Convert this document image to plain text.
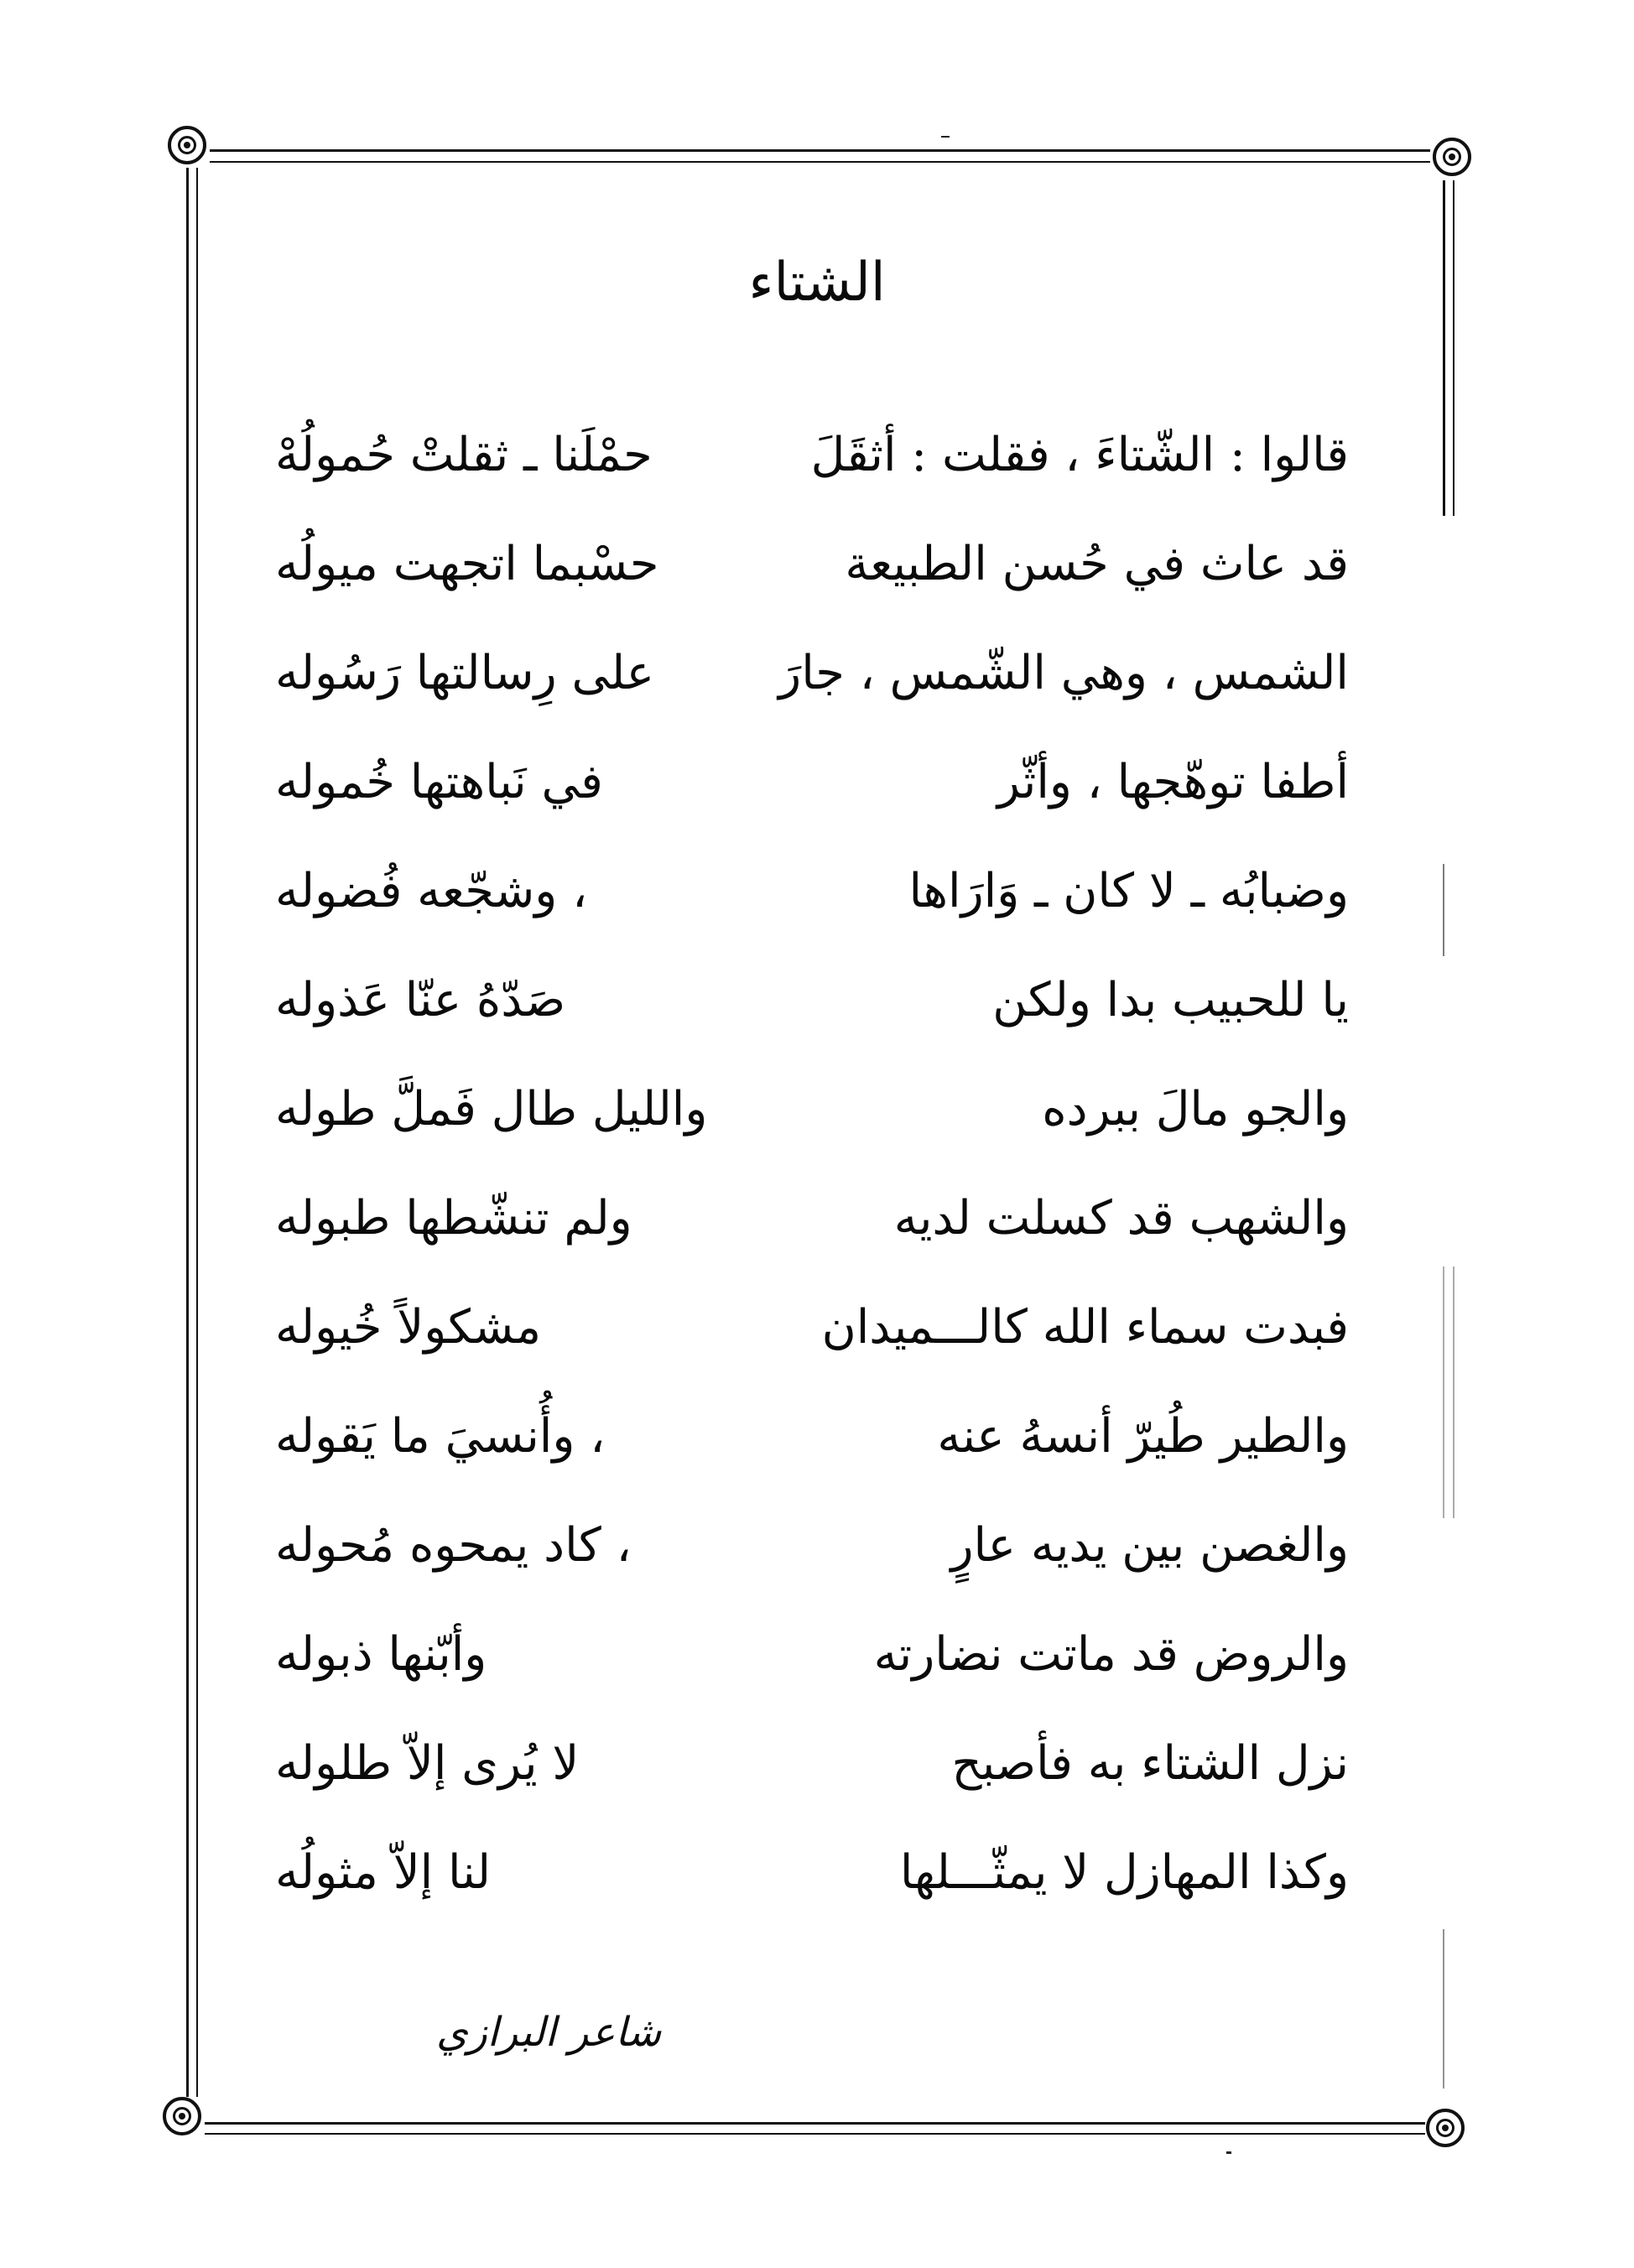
الشتاء
قالوا : الشّتاءَ ، فقلت : أثقَلَ
حمْلَنا ـ ثقلتْ حُمولُهْ
قد عاث في حُسن الطبيعة
حسْبما اتجهت ميولُه
الشمس ، وهي الشّمس ، جارَ
على رِسالتها رَسُوله
أطفا توهّجها ، وأثّر
في نَباهتها خُموله
وضبابُه ـ لا كان ـ وَارَاها
، وشجّعه فُضوله
يا للحبيب بدا ولكن
صَدّهُ عنّا عَذوله
والجو مالَ ببرده
والليل طال فَملَّ طوله
والشهب قد كسلت لديه
ولم تنشّطها طبوله
فبدت سماء الله كالـــميدان
مشكولاً خُيوله
والطير طُيرّ أنسهُ عنه
، وأُنسيَ ما يَقوله
والغصن بين يديه عارٍ
، كاد يمحوه مُحوله
والروض قد ماتت نضارته
وأبّنها ذبوله
نزل الشتاء به فأصبح
لا يُرى إلاّ طلوله
وكذا المهازل لا يمثّـــلها
لنا إلاّ مثولُه
شاعر البرازي
